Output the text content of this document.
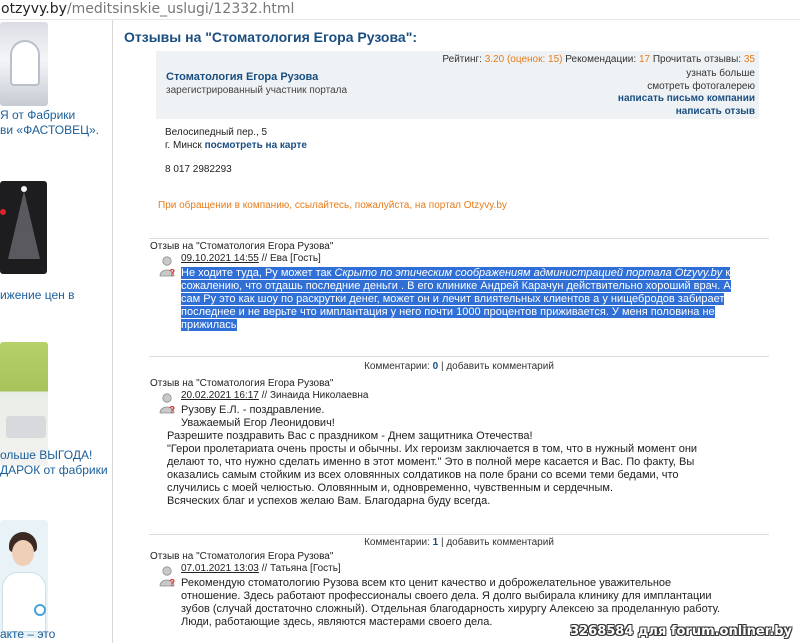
otzyvy.by/meditsinskie_uslugi/12332.html
Я от Фабрики
ви «ФАСТОВЕЦ».
ижение цен в
ольше ВЫГОДА!
ДАРОК от фабрики
акте – это
Отзывы на "Стоматология Егора Рузова":
Стоматология Егора Рузова
зарегистрированный участник портала
Рейтинг: 3.20 (оценок: 15) Рекомендации: 17 Прочитать отзывы: 35
узнать больше
смотреть фотогалерею
написать письмо компании
написать отзыв
Велосипедный пер., 5
г. Минск посмотреть на карте
8 017 2982293
При обращении в компанию, ссылайтесь, пожалуйста, на портал Otzyvy.by
Отзыв на "Стоматология Егора Рузова"
?
09.10.2021 14:55 // Ева [Гость]
Не ходите туда, Ру может так Скрыто по этическим соображениям администрацией портала Otzyvy.by к
сожалению, что отдашь последние деньги . В его клинике Андрей Карачун действительно хороший врач. А
сам Ру это как шоу по раскрутки денег, может он и лечит влиятельных клиентов а у нищебродов забирает
последнее и не верьте что имплантация у него почти 1000 процентов приживается. У меня половина не
прижилась
Комментарии: 0 | добавить комментарий
Отзыв на "Стоматология Егора Рузова"
?
20.02.2021 16:17 // Зинаида Николаевна
Рузову Е.Л. - поздравление.
Уважаемый Егор Леонидович!
Разрешите поздравить Вас с праздником - Днем защитника Отечества!
"Герои пролетариата очень просты и обычны. Их героизм заключается в том, что в нужный момент они
делают то, что нужно сделать именно в этот момент." Это в полной мере касается и Вас. По факту, Вы
оказались самым стойким из всех оловянных солдатиков на поле брани со всеми теми бедами, что
случились с моей челюстью. Оловянным и, одновременно, чувственным и сердечным.
Всяческих благ и успехов желаю Вам. Благодарна буду всегда.
Комментарии: 1 | добавить комментарий
Отзыв на "Стоматология Егора Рузова"
?
07.01.2021 13:03 // Татьяна [Гость]
Рекомендую стоматологию Рузова всем кто ценит качество и доброжелательное уважительное
отношение. Здесь работают профессионалы своего дела. Я долго выбирала клинику для имплантации
зубов (случай достаточно сложный). Отдельная благодарность хирургу Алексею за проделанную работу.
Люди, работающие здесь, являются мастерами своего дела.
3268584 для forum.onliner.by
